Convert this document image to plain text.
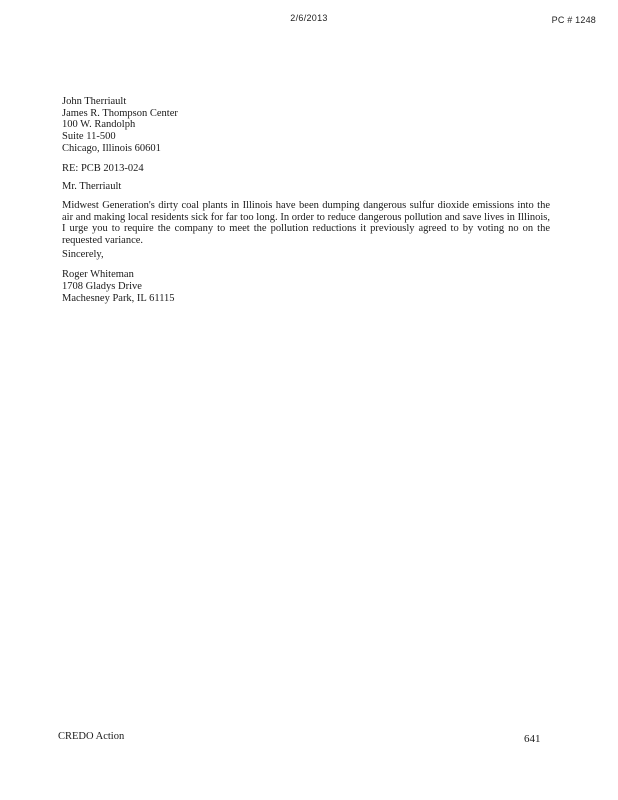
2/6/2013	PC # 1248
John Therriault
James R. Thompson Center
100 W. Randolph
Suite 11-500
Chicago, Illinois 60601
RE: PCB 2013-024
Mr. Therriault
Midwest Generation's dirty coal plants in Illinois have been dumping dangerous sulfur dioxide emissions into the air and making local residents sick for far too long. In order to reduce dangerous pollution and save lives in Illinois, I urge you to require the company to meet the pollution reductions it previously agreed to by voting no on the requested variance.
Sincerely,
Roger Whiteman
1708 Gladys Drive
Machesney Park, IL 61115
CREDO Action	641
